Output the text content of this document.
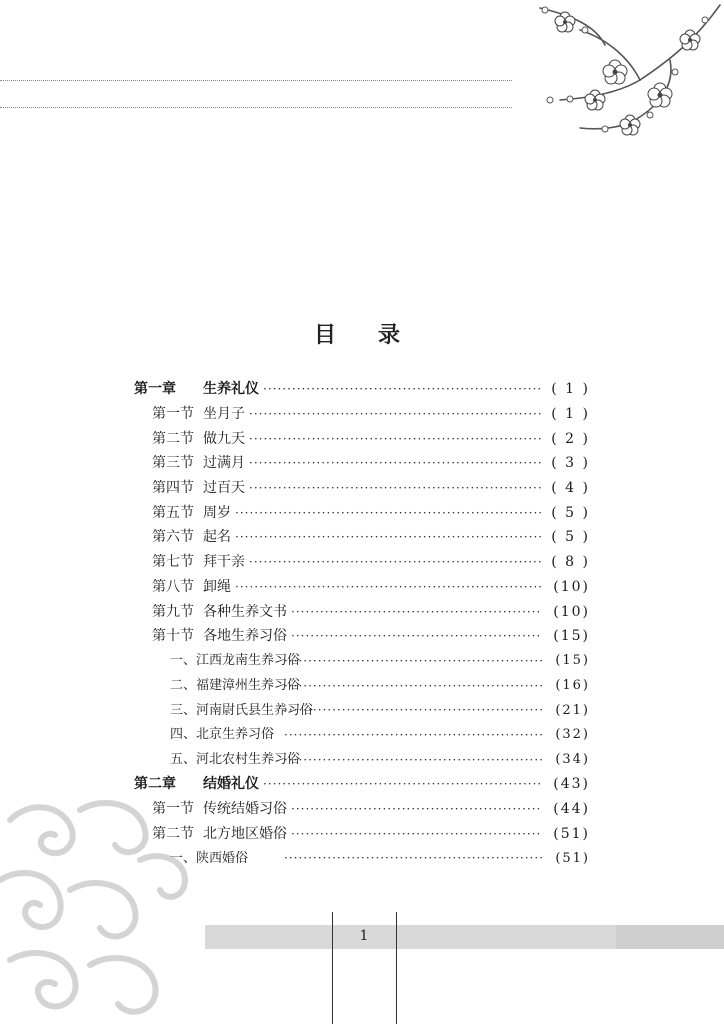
目　录
第一章	生养礼仪 ·····	( 1 )
第一节 坐月子 ·····	( 1 )
第二节 做九天 ·····	( 2 )
第三节 过满月 ·····	( 3 )
第四节 过百天 ·····	( 4 )
第五节 周岁 ·····	( 5 )
第六节 起名 ·····	( 5 )
第七节 拜干亲 ·····	( 8 )
第八节 卸绳 ·····	(10)
第九节 各种生养文书 ·····	(10)
第十节 各地生养习俗 ·····	(15)
一、江西龙南生养习俗 ·····	(15)
二、福建漳州生养习俗 ·····	(16)
三、河南尉氏县生养习俗 ·····	(21)
四、北京生养习俗 ·····	(32)
五、河北农村生养习俗 ·····	(34)
第二章	结婚礼仪 ·····	(43)
第一节 传统结婚习俗 ·····	(44)
第二节 北方地区婚俗 ·····	(51)
一、陕西婚俗 ·····	(51)
1
